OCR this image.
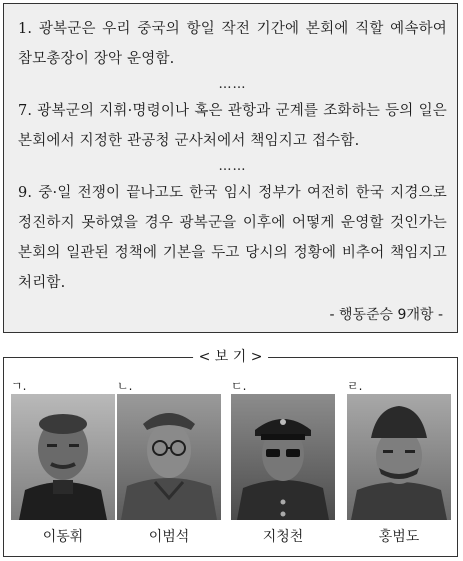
1. 광복군은 우리 중국의 항일 작전 기간에 본회에 직할 예속하여 참모총장이 장악 운영함.

……

7. 광복군의 지휘·명령이나 혹은 관항과 군계를 조화하는 등의 일은 본회에서 지정한 관공청 군사처에서 책임지고 접수함.

……

9. 중·일 전쟁이 끝나고도 한국 임시 정부가 여전히 한국 지경으로 정진하지 못하였을 경우 광복군을 이후에 어떻게 운영할 것인가는 본회의 일관된 정책에 기본을 두고 당시의 정황에 비추어 책임지고 처리함.

- 행동준승 9개항 -
< 보 기 >
ㄱ.
이동휘
ㄴ.
이범석
ㄷ.
지청천
ㄹ.
홍범도
